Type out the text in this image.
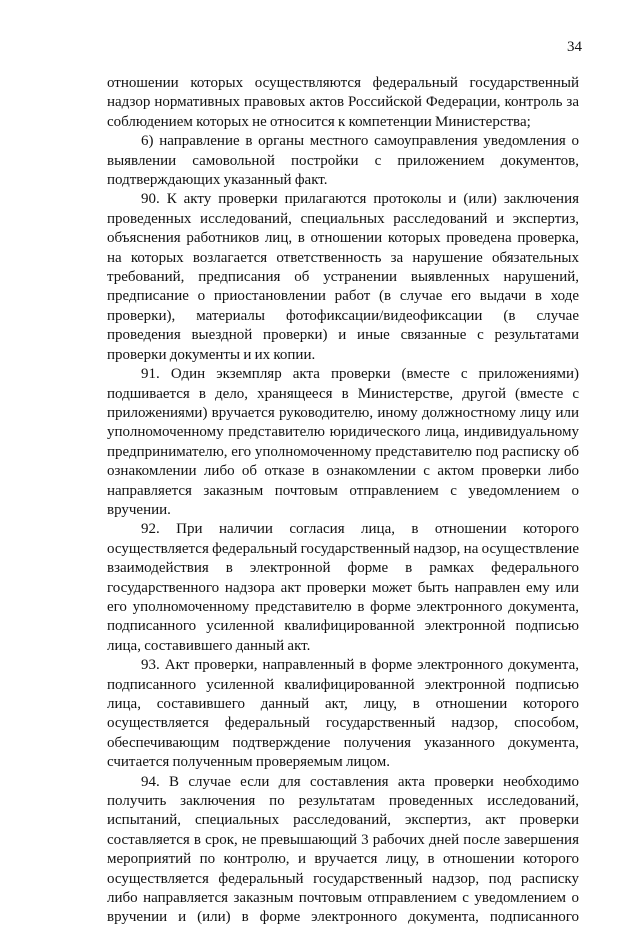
34

отношении которых осуществляются федеральный государственный надзор нормативных правовых актов Российской Федерации, контроль за соблюдением которых не относится к компетенции Министерства;

6) направление в органы местного самоуправления уведомления о выявлении самовольной постройки с приложением документов, подтверждающих указанный факт.

90. К акту проверки прилагаются протоколы и (или) заключения проведенных исследований, специальных расследований и экспертиз, объяснения работников лиц, в отношении которых проведена проверка, на которых возлагается ответственность за нарушение обязательных требований, предписания об устранении выявленных нарушений, предписание о приостановлении работ (в случае его выдачи в ходе проверки), материалы фотофиксации/видеофиксации (в случае проведения выездной проверки) и иные связанные с результатами проверки документы и их копии.

91. Один экземпляр акта проверки (вместе с приложениями) подшивается в дело, хранящееся в Министерстве, другой (вместе с приложениями) вручается руководителю, иному должностному лицу или уполномоченному представителю юридического лица, индивидуальному предпринимателю, его уполномоченному представителю под расписку об ознакомлении либо об отказе в ознакомлении с актом проверки либо направляется заказным почтовым отправлением с уведомлением о вручении.

92. При наличии согласия лица, в отношении которого осуществляется федеральный государственный надзор, на осуществление взаимодействия в электронной форме в рамках федерального государственного надзора акт проверки может быть направлен ему или его уполномоченному представителю в форме электронного документа, подписанного усиленной квалифицированной электронной подписью лица, составившего данный акт.

93. Акт проверки, направленный в форме электронного документа, подписанного усиленной квалифицированной электронной подписью лица, составившего данный акт, лицу, в отношении которого осуществляется федеральный государственный надзор, способом, обеспечивающим подтверждение получения указанного документа, считается полученным проверяемым лицом.

94. В случае если для составления акта проверки необходимо получить заключения по результатам проведенных исследований, испытаний, специальных расследований, экспертиз, акт проверки составляется в срок, не превышающий 3 рабочих дней после завершения мероприятий по контролю, и вручается лицу, в отношении которого осуществляется федеральный государственный надзор, под расписку либо направляется заказным почтовым отправлением с уведомлением о вручении и (или) в форме электронного документа, подписанного
